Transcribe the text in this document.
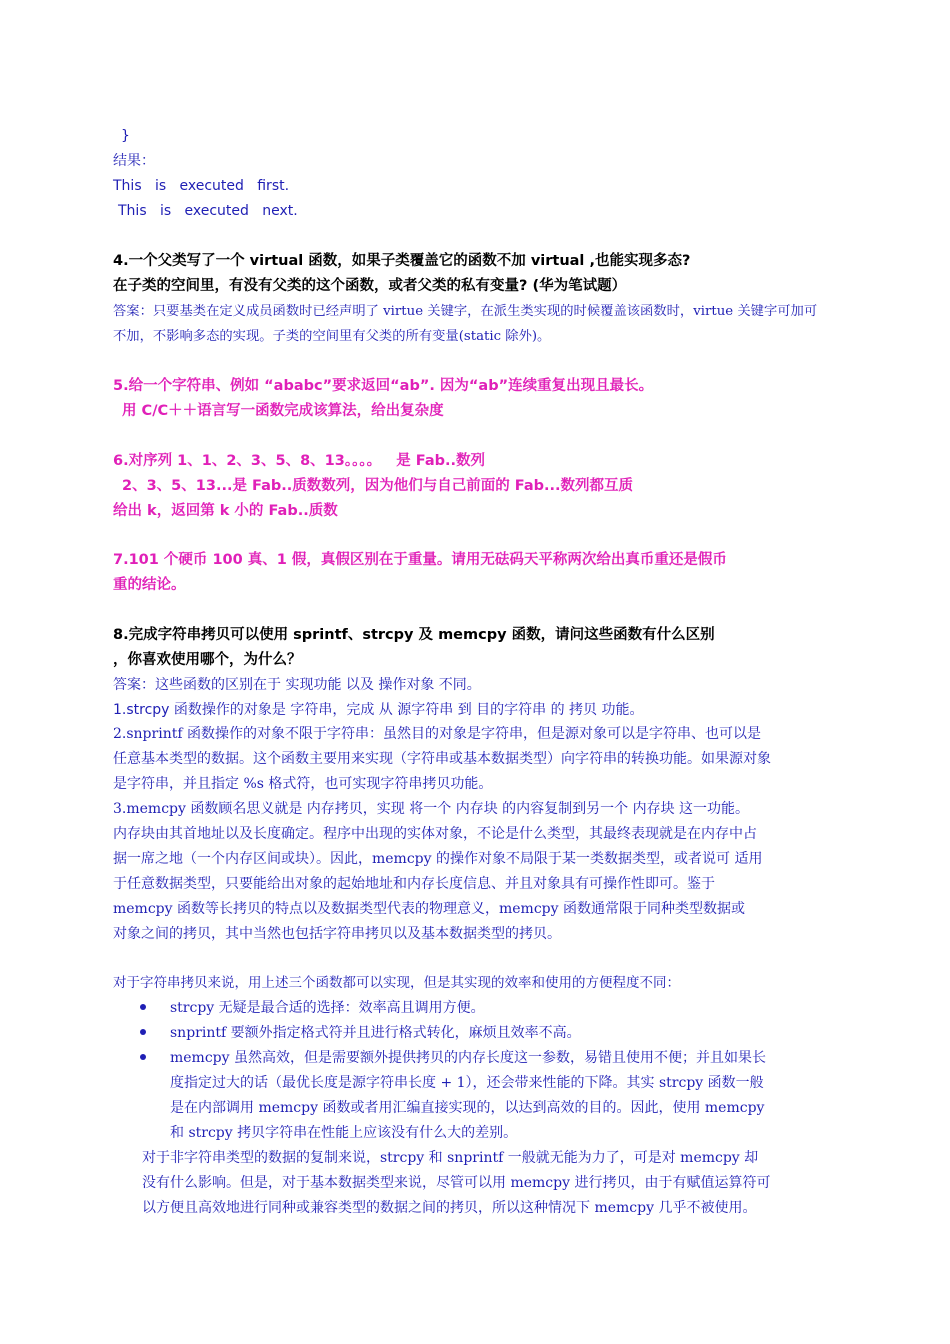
}
结果：
This   is   executed   first.
This   is   executed   next.
4.一个父类写了一个 virtual 函数，如果子类覆盖它的函数不加 virtual ,也能实现多态?
在子类的空间里，有没有父类的这个函数，或者父类的私有变量? (华为笔试题）
答案：只要基类在定义成员函数时已经声明了 virtue 关键字，在派生类实现的时候覆盖该函数时，virtue 关键字可加可
不加，不影响多态的实现。子类的空间里有父类的所有变量(static 除外)。
5.给一个字符串、例如 “ababc”要求返回“ab”. 因为“ab”连续重复出现且最长。
用 C/C＋＋语言写一函数完成该算法，给出复杂度
6.对序列 1、1、2、3、5、8、13。。。。   是 Fab..数列
2、3、5、13...是 Fab..质数数列，因为他们与自己前面的 Fab...数列都互质
给出 k，返回第 k 小的 Fab..质数
7.101 个硬币 100 真、1 假，真假区别在于重量。请用无砝码天平称两次给出真币重还是假币
重的结论。
8.完成字符串拷贝可以使用 sprintf、strcpy 及 memcpy 函数，请问这些函数有什么区别
，你喜欢使用哪个，为什么？
答案：这些函数的区别在于 实现功能 以及 操作对象 不同。
1.strcpy 函数操作的对象是 字符串，完成 从 源字符串 到 目的字符串 的 拷贝 功能。
2.snprintf 函数操作的对象不限于字符串：虽然目的对象是字符串，但是源对象可以是字符串、也可以是
任意基本类型的数据。这个函数主要用来实现（字符串或基本数据类型）向字符串的转换功能。如果源对象
是字符串，并且指定 %s 格式符，也可实现字符串拷贝功能。
3.memcpy 函数顾名思义就是 内存拷贝，实现 将一个 内存块 的内容复制到另一个 内存块 这一功能。
内存块由其首地址以及长度确定。程序中出现的实体对象，不论是什么类型，其最终表现就是在内存中占
据一席之地（一个内存区间或块）。因此，memcpy 的操作对象不局限于某一类数据类型，或者说可 适用
于任意数据类型，只要能给出对象的起始地址和内存长度信息、并且对象具有可操作性即可。鉴于
memcpy 函数等长拷贝的特点以及数据类型代表的物理意义，memcpy 函数通常限于同种类型数据或
对象之间的拷贝，其中当然也包括字符串拷贝以及基本数据类型的拷贝。
对于字符串拷贝来说，用上述三个函数都可以实现，但是其实现的效率和使用的方便程度不同：
strcpy 无疑是最合适的选择：效率高且调用方便。
snprintf 要额外指定格式符并且进行格式转化，麻烦且效率不高。
memcpy 虽然高效，但是需要额外提供拷贝的内存长度这一参数，易错且使用不便；并且如果长
度指定过大的话（最优长度是源字符串长度 + 1），还会带来性能的下降。其实 strcpy 函数一般
是在内部调用 memcpy 函数或者用汇编直接实现的，以达到高效的目的。因此，使用 memcpy
和 strcpy 拷贝字符串在性能上应该没有什么大的差别。
对于非字符串类型的数据的复制来说，strcpy 和 snprintf 一般就无能为力了，可是对 memcpy 却
没有什么影响。但是，对于基本数据类型来说，尽管可以用 memcpy 进行拷贝，由于有赋值运算符可
以方便且高效地进行同种或兼容类型的数据之间的拷贝，所以这种情况下 memcpy 几乎不被使用。
